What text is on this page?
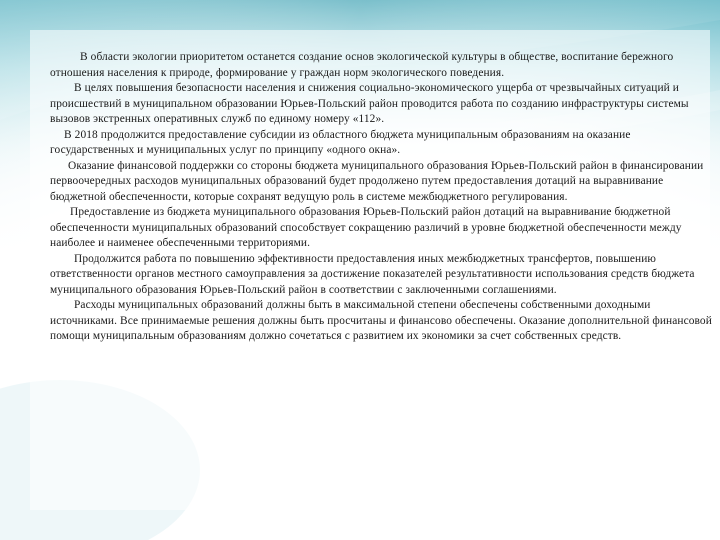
В области экологии приоритетом останется создание основ экологической культуры в обществе, воспитание бережного отношения населения к природе, формирование у граждан норм экологического поведения.

В целях повышения безопасности населения и снижения социально-экономического ущерба от чрезвычайных ситуаций и происшествий в муниципальном образовании Юрьев-Польский район проводится работа по созданию инфраструктуры системы вызовов экстренных оперативных служб по единому номеру «112».

В 2018 продолжится предоставление субсидии из областного бюджета муниципальным образованиям на оказание государственных и муниципальных услуг по принципу «одного окна».

Оказание финансовой поддержки со стороны бюджета муниципального образования Юрьев-Польский район в финансировании первоочередных расходов муниципальных образований будет продолжено путем предоставления дотаций на выравнивание бюджетной обеспеченности, которые сохранят ведущую роль в системе межбюджетного регулирования.

Предоставление из бюджета муниципального образования Юрьев-Польский район дотаций на выравнивание бюджетной обеспеченности муниципальных образований способствует сокращению различий в уровне бюджетной обеспеченности между наиболее и наименее обеспеченными территориями.

Продолжится работа по повышению эффективности предоставления иных межбюджетных трансфертов, повышению ответственности органов местного самоуправления за достижение показателей результативности использования средств бюджета муниципального образования Юрьев-Польский район в соответствии с заключенными соглашениями.

Расходы муниципальных образований должны быть в максимальной степени обеспечены собственными доходными источниками. Все принимаемые решения должны быть просчитаны и финансово обеспечены. Оказание дополнительной финансовой помощи муниципальным образованиям должно сочетаться с развитием их экономики за счет собственных средств.
